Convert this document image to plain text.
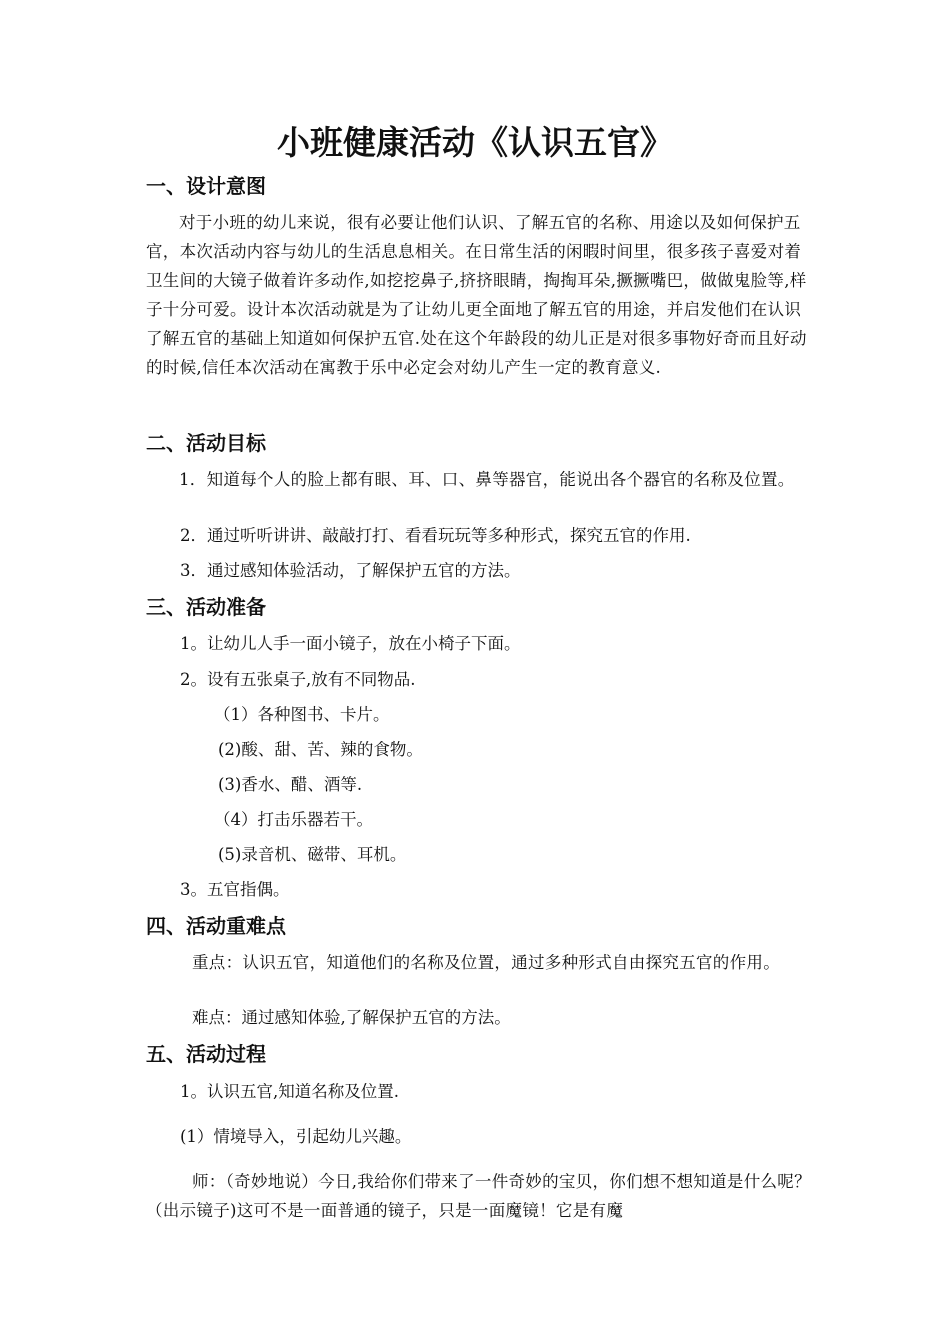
小班健康活动《认识五官》
一、设计意图

对于小班的幼儿来说，很有必要让他们认识、了解五官的名称、用途以及如何保护五官，本次活动内容与幼儿的生活息息相关。在日常生活的闲暇时间里，很多孩子喜爱对着卫生间的大镜子做着许多动作,如挖挖鼻子,挤挤眼睛，掏掏耳朵,撅撅嘴巴，做做鬼脸等,样子十分可爱。设计本次活动就是为了让幼儿更全面地了解五官的用途，并启发他们在认识了解五官的基础上知道如何保护五官.处在这个年龄段的幼儿正是对很多事物好奇而且好动的时候,信任本次活动在寓教于乐中必定会对幼儿产生一定的教育意义.

二、活动目标

1．知道每个人的脸上都有眼、耳、口、鼻等器官，能说出各个器官的名称及位置。

2．通过听听讲讲、敲敲打打、看看玩玩等多种形式，探究五官的作用.

3．通过感知体验活动，了解保护五官的方法。

三、活动准备

1。让幼儿人手一面小镜子，放在小椅子下面。

2。设有五张桌子,放有不同物品.

（1）各种图书、卡片。

(2)酸、甜、苦、辣的食物。

(3)香水、醋、酒等.

（4）打击乐器若干。

(5)录音机、磁带、耳机。

3。五官指偶。

四、活动重难点

重点：认识五官，知道他们的名称及位置，通过多种形式自由探究五官的作用。

难点：通过感知体验,了解保护五官的方法。

五、活动过程

1。认识五官,知道名称及位置.

(1）情境导入，引起幼儿兴趣。

师：（奇妙地说）今日,我给你们带来了一件奇妙的宝贝，你们想不想知道是什么呢？（出示镜子)这可不是一面普通的镜子，只是一面魔镜！它是有魔
